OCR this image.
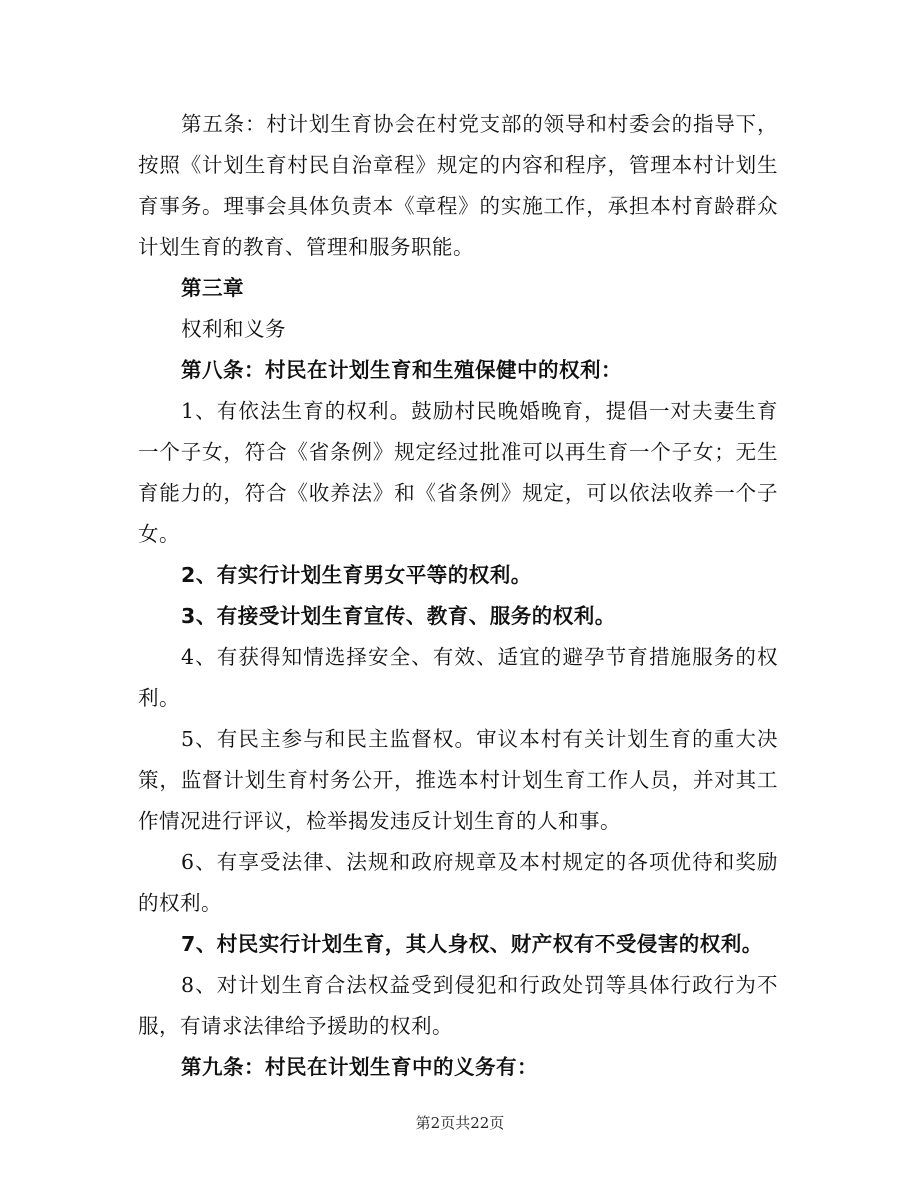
第五条：村计划生育协会在村党支部的领导和村委会的指导下，按照《计划生育村民自治章程》规定的内容和程序，管理本村计划生育事务。理事会具体负责本《章程》的实施工作，承担本村育龄群众计划生育的教育、管理和服务职能。

第三章

权利和义务

第八条：村民在计划生育和生殖保健中的权利：

1、有依法生育的权利。鼓励村民晚婚晚育，提倡一对夫妻生育一个子女，符合《省条例》规定经过批准可以再生育一个子女；无生育能力的，符合《收养法》和《省条例》规定，可以依法收养一个子女。

2、有实行计划生育男女平等的权利。

3、有接受计划生育宣传、教育、服务的权利。

4、有获得知情选择安全、有效、适宜的避孕节育措施服务的权利。

5、有民主参与和民主监督权。审议本村有关计划生育的重大决策，监督计划生育村务公开，推选本村计划生育工作人员，并对其工作情况进行评议，检举揭发违反计划生育的人和事。

6、有享受法律、法规和政府规章及本村规定的各项优待和奖励的权利。

7、村民实行计划生育，其人身权、财产权有不受侵害的权利。

8、对计划生育合法权益受到侵犯和行政处罚等具体行政行为不服，有请求法律给予援助的权利。

第九条：村民在计划生育中的义务有：

第2页共22页
